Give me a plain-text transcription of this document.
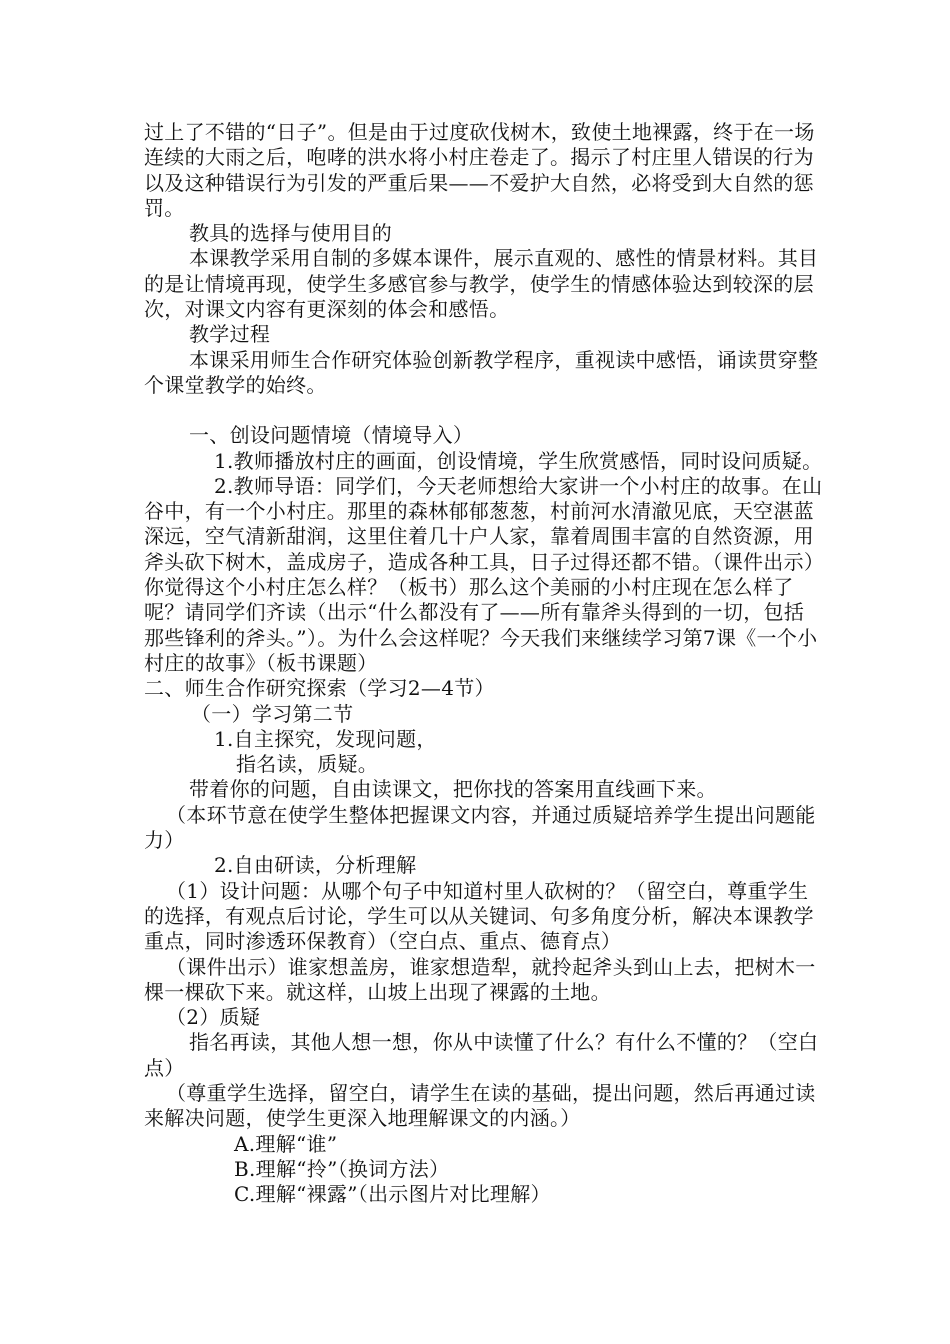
过上了不错的“日子”。但是由于过度砍伐树木，致使土地裸露，终于在一场连续的大雨之后，咆哮的洪水将小村庄卷走了。揭示了村庄里人错误的行为以及这种错误行为引发的严重后果——不爱护大自然，必将受到大自然的惩罚。

教具的选择与使用目的

本课教学采用自制的多媒本课件，展示直观的、感性的情景材料。其目的是让情境再现，使学生多感官参与教学，使学生的情感体验达到较深的层次，对课文内容有更深刻的体会和感悟。

教学过程

本课采用师生合作研究体验创新教学程序，重视读中感悟，诵读贯穿整个课堂教学的始终。

一、创设问题情境（情境导入）

1.教师播放村庄的画面，创设情境，学生欣赏感悟，同时设问质疑。

2.教师导语：同学们，今天老师想给大家讲一个小村庄的故事。在山谷中，有一个小村庄。那里的森林郁郁葱葱，村前河水清澈见底，天空湛蓝深远，空气清新甜润，这里住着几十户人家，靠着周围丰富的自然资源，用斧头砍下树木，盖成房子，造成各种工具，日子过得还都不错。（课件出示）你觉得这个小村庄怎么样？（板书）那么这个美丽的小村庄现在怎么样了呢？请同学们齐读（出示“什么都没有了——所有靠斧头得到的一切，包括那些锋利的斧头。”）。为什么会这样呢？今天我们来继续学习第7课《一个小村庄的故事》（板书课题）

二、师生合作研究探索（学习2—4节）

（一）学习第二节

1.自主探究，发现问题，

指名读，质疑。

带着你的问题，自由读课文，把你找的答案用直线画下来。

（本环节意在使学生整体把握课文内容，并通过质疑培养学生提出问题能力）

2.自由研读，分析理解

（1）设计问题：从哪个句子中知道村里人砍树的？（留空白，尊重学生的选择，有观点后讨论，学生可以从关键词、句多角度分析，解决本课教学重点，同时渗透环保教育）（空白点、重点、德育点）

（课件出示）谁家想盖房，谁家想造犁，就拎起斧头到山上去，把树木一棵一棵砍下来。就这样，山坡上出现了裸露的土地。

（2）质疑

指名再读，其他人想一想，你从中读懂了什么？有什么不懂的？（空白点）

（尊重学生选择，留空白，请学生在读的基础，提出问题，然后再通过读来解决问题，使学生更深入地理解课文的内涵。）

A.理解“谁”

B.理解“拎”（换词方法）

C.理解“裸露”（出示图片对比理解）
